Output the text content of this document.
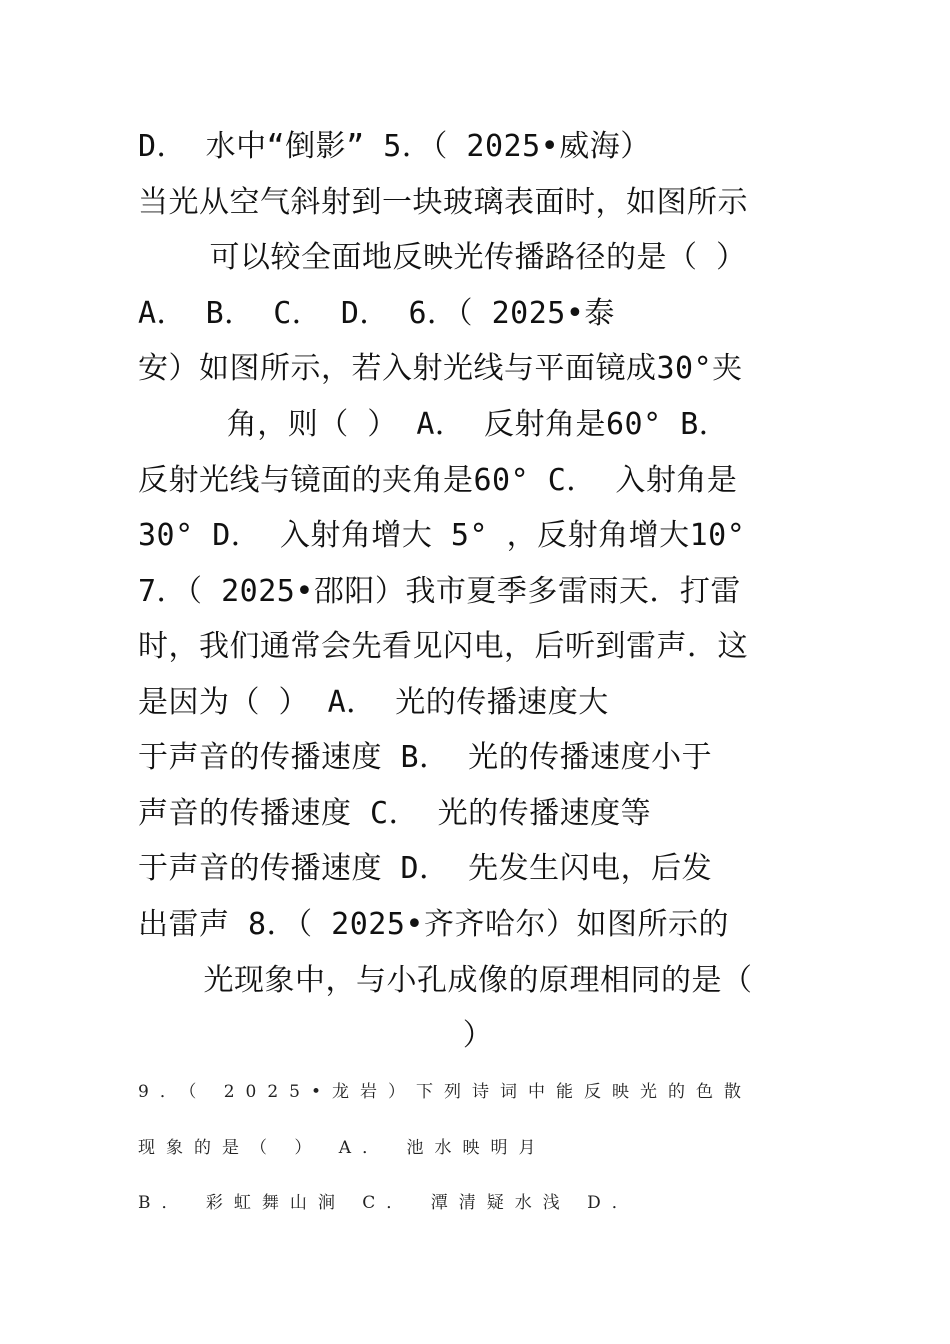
D． 水中“倒影” 5．（ 2025•威海）
当光从空气斜射到一块玻璃表面时，如图所示
可以较全面地反映光传播路径的是（ ）
A． B． C． D． 6．（ 2025•泰
安）如图所示，若入射光线与平面镜成30°夹
角，则（ ） A． 反射角是60° B．
反射光线与镜面的夹角是60° C． 入射角是
30° D． 入射角增大 5° ，反射角增大10°
7．（ 2025•邵阳）我市夏季多雷雨天．打雷
时，我们通常会先看见闪电，后听到雷声．这
是因为（ ） A． 光的传播速度大
于声音的传播速度 B． 光的传播速度小于
声音的传播速度 C． 光的传播速度等
于声音的传播速度 D． 先发生闪电，后发
出雷声 8．（ 2025•齐齐哈尔）如图所示的
光现象中，与小孔成像的原理相同的是（
）
9．（ 2025•龙岩）下列诗词中能反映光的色散
现象的是（ ） A． 池水映明月
B． 彩虹舞山涧 C． 潭清疑水浅 D．
